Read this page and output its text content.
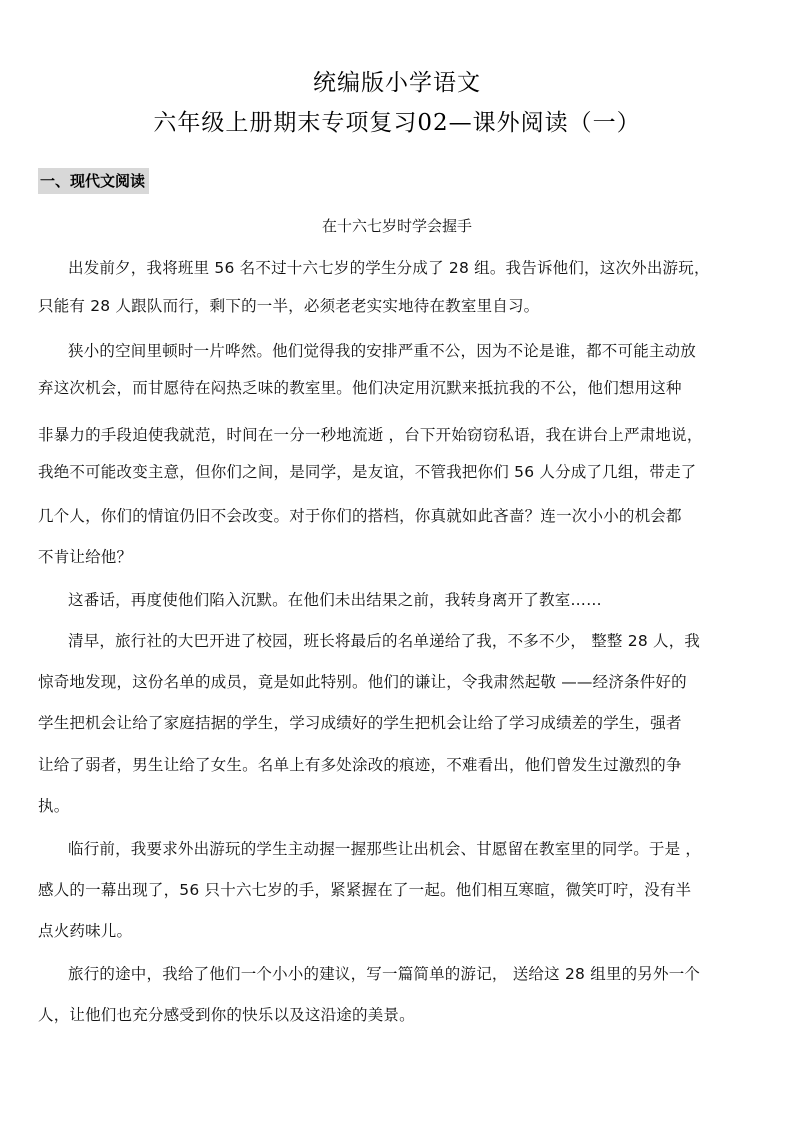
统编版小学语文
六年级上册期末专项复习02—课外阅读（一）
一、现代文阅读
在十六七岁时学会握手
出发前夕，我将班里 56 名不过十六七岁的学生分成了 28 组。我告诉他们，这次外出游玩，
只能有 28 人跟队而行，剩下的一半，必须老老实实地待在教室里自习。
狭小的空间里顿时一片哗然。他们觉得我的安排严重不公，因为不论是谁，都不可能主动放
弃这次机会，而甘愿待在闷热乏味的教室里。他们决定用沉默来抵抗我的不公，他们想用这种
非暴力的手段迫使我就范，时间在一分一秒地流逝 ，台下开始窃窃私语，我在讲台上严肃地说，
我绝不可能改变主意，但你们之间，是同学，是友谊，不管我把你们 56 人分成了几组，带走了
几个人，你们的情谊仍旧不会改变。对于你们的搭档，你真就如此吝啬？连一次小小的机会都
不肯让给他？
这番话，再度使他们陷入沉默。在他们未出结果之前，我转身离开了教室……
清早，旅行社的大巴开进了校园，班长将最后的名单递给了我，不多不少， 整整 28 人，我
惊奇地发现，这份名单的成员，竟是如此特别。他们的谦让，令我肃然起敬 ——经济条件好的
学生把机会让给了家庭拮据的学生，学习成绩好的学生把机会让给了学习成绩差的学生，强者
让给了弱者，男生让给了女生。名单上有多处涂改的痕迹，不难看出，他们曾发生过激烈的争
执。
临行前，我要求外出游玩的学生主动握一握那些让出机会、甘愿留在教室里的同学。于是 ，
感人的一幕出现了，56 只十六七岁的手，紧紧握在了一起。他们相互寒暄，微笑叮咛，没有半
点火药味儿。
旅行的途中，我给了他们一个小小的建议，写一篇简单的游记， 送给这 28 组里的另外一个
人，让他们也充分感受到你的快乐以及这沿途的美景。
